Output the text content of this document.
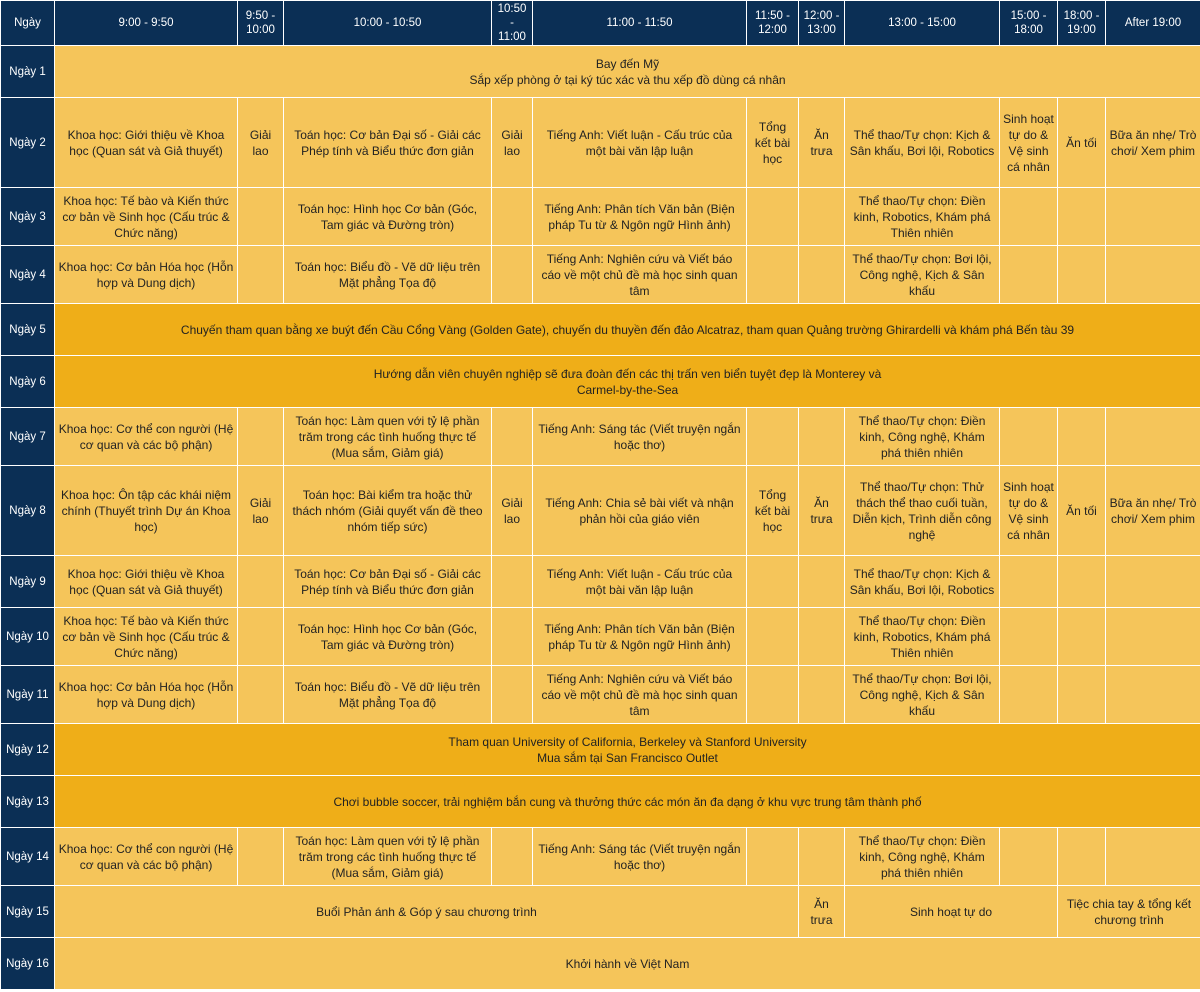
Ngày	9:00 - 9:50	9:50 - 10:00	10:00 - 10:50	10:50 - 11:00	11:00 - 11:50	11:50 - 12:00	12:00 - 13:00	13:00 - 15:00	15:00 - 18:00	18:00 - 19:00	After 19:00
Ngày 1	Bay đến Mỹ
Sắp xếp phòng ở tại ký túc xác và thu xếp đồ dùng cá nhân										

Ngày 2	Khoa học: Giới thiệu về Khoa học (Quan sát và Giả thuyết)	Giải lao	Toán học: Cơ bản Đại số - Giải các Phép tính và Biểu thức đơn giản	Giải lao	Tiếng Anh: Viết luận - Cấu trúc của một bài văn lập luận	Tổng kết bài học	Ăn trưa	Thể thao/Tự chọn: Kịch & Sân khấu, Bơi lội, Robotics	Sinh hoạt tự do & Vệ sinh cá nhân	Ăn tối	Bữa ăn nhẹ/ Trò chơi/ Xem phim
Ngày 3	Khoa học: Tế bào và Kiến thức cơ bản về Sinh học (Cấu trúc & Chức năng)		Toán học: Hình học Cơ bản (Góc, Tam giác và Đường tròn)		Tiếng Anh: Phân tích Văn bản (Biện pháp Tu từ & Ngôn ngữ Hình ảnh)			Thể thao/Tự chọn: Điền kinh, Robotics, Khám phá Thiên nhiên			
Ngày 4	Khoa học: Cơ bản Hóa học (Hỗn hợp và Dung dịch)		Toán học: Biểu đồ - Vẽ dữ liệu trên Mặt phẳng Tọa độ		Tiếng Anh: Nghiên cứu và Viết báo cáo về một chủ đề mà học sinh quan tâm			Thể thao/Tự chọn: Bơi lội, Công nghệ, Kịch & Sân khấu			
Ngày 5	Chuyến tham quan bằng xe buýt đến Cầu Cổng Vàng (Golden Gate), chuyến du thuyền đến đảo Alcatraz, tham quan Quảng trường Ghirardelli và khám phá Bến tàu 39										
Ngày 6	Hướng dẫn viên chuyên nghiệp sẽ đưa đoàn đến các thị trấn ven biển tuyệt đẹp là Monterey và
Carmel-by-the-Sea										

Ngày 7	Khoa học: Cơ thể con người (Hệ cơ quan và các bộ phận)		Toán học: Làm quen với tỷ lệ phần trăm trong các tình huống thực tế (Mua sắm, Giảm giá)		Tiếng Anh: Sáng tác (Viết truyện ngắn hoặc thơ)			Thể thao/Tự chọn: Điền kinh, Công nghệ, Khám phá thiên nhiên			
Ngày 8	Khoa học: Ôn tập các khái niệm chính (Thuyết trình Dự án Khoa học)	Giải lao	Toán học: Bài kiểm tra hoặc thử thách nhóm (Giải quyết vấn đề theo nhóm tiếp sức)	Giải lao	Tiếng Anh: Chia sẻ bài viết và nhận phản hồi của giáo viên	Tổng kết bài học	Ăn trưa	Thể thao/Tự chọn: Thử thách thể thao cuối tuần, Diễn kịch, Trình diễn công nghệ	Sinh hoạt tự do & Vệ sinh cá nhân	Ăn tối	Bữa ăn nhẹ/ Trò chơi/ Xem phim
Ngày 9	Khoa học: Giới thiệu về Khoa học (Quan sát và Giả thuyết)		Toán học: Cơ bản Đại số - Giải các Phép tính và Biểu thức đơn giản		Tiếng Anh: Viết luận - Cấu trúc của một bài văn lập luận			Thể thao/Tự chọn: Kịch & Sân khấu, Bơi lội, Robotics			
Ngày 10	Khoa học: Tế bào và Kiến thức cơ bản về Sinh học (Cấu trúc & Chức năng)		Toán học: Hình học Cơ bản (Góc, Tam giác và Đường tròn)		Tiếng Anh: Phân tích Văn bản (Biện pháp Tu từ & Ngôn ngữ Hình ảnh)			Thể thao/Tự chọn: Điền kinh, Robotics, Khám phá Thiên nhiên			
Ngày 11	Khoa học: Cơ bản Hóa học (Hỗn hợp và Dung dịch)		Toán học: Biểu đồ - Vẽ dữ liệu trên Mặt phẳng Tọa độ		Tiếng Anh: Nghiên cứu và Viết báo cáo về một chủ đề mà học sinh quan tâm			Thể thao/Tự chọn: Bơi lội, Công nghệ, Kịch & Sân khấu			
Ngày 12	Tham quan University of California, Berkeley và Stanford University
Mua sắm tại San Francisco Outlet										

Ngày 13	Chơi bubble soccer, trải nghiệm bắn cung và thưởng thức các món ăn đa dạng ở khu vực trung tâm thành phố										
Ngày 14	Khoa học: Cơ thể con người (Hệ cơ quan và các bộ phận)		Toán học: Làm quen với tỷ lệ phần trăm trong các tình huống thực tế (Mua sắm, Giảm giá)		Tiếng Anh: Sáng tác (Viết truyện ngắn hoặc thơ)			Thể thao/Tự chọn: Điền kinh, Công nghệ, Khám phá thiên nhiên			
Ngày 15	Buổi Phản ánh & Góp ý sau chương trình						Ăn trưa	Sinh hoạt tự do		Tiệc chia tay & tổng kết chương trình	
Ngày 16	Khởi hành về Việt Nam										
